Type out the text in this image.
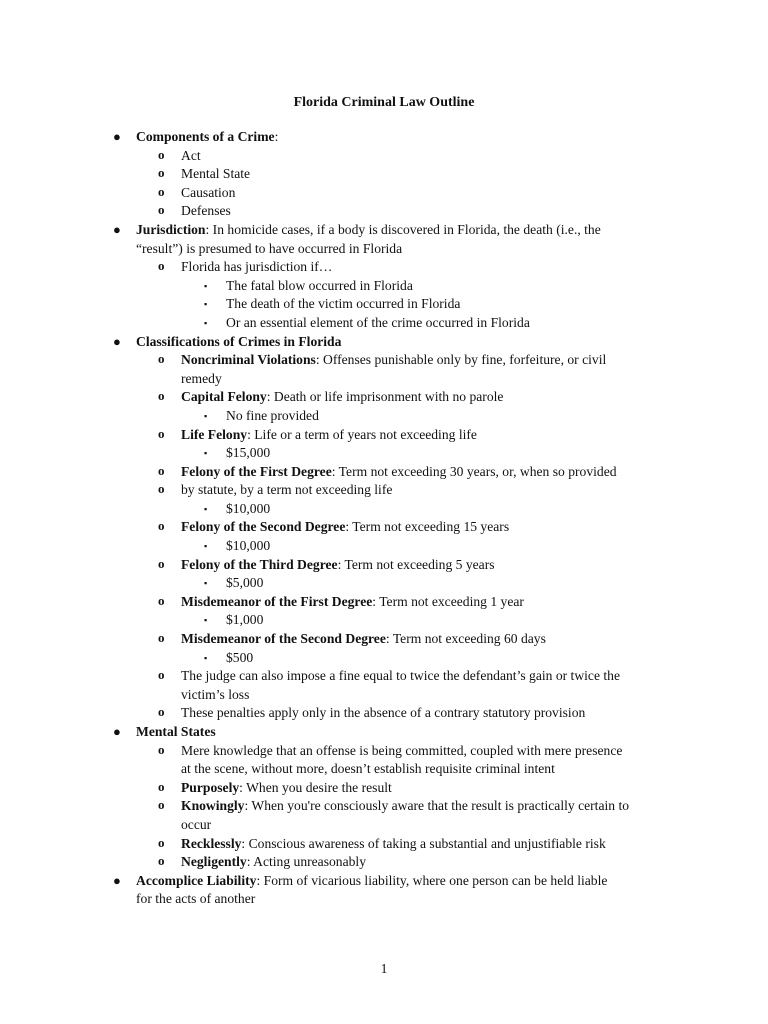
Florida Criminal Law Outline
● Components of a Crime:
o Act
o Mental State
o Causation
o Defenses
● Jurisdiction: In homicide cases, if a body is discovered in Florida, the death (i.e., the
“result”) is presumed to have occurred in Florida
o Florida has jurisdiction if…
▪ The fatal blow occurred in Florida
▪ The death of the victim occurred in Florida
▪ Or an essential element of the crime occurred in Florida
● Classifications of Crimes in Florida
o Noncriminal Violations: Offenses punishable only by fine, forfeiture, or civil
remedy
o Capital Felony: Death or life imprisonment with no parole
▪ No fine provided
o Life Felony: Life or a term of years not exceeding life
▪ $15,000
o Felony of the First Degree: Term not exceeding 30 years, or, when so provided
o by statute, by a term not exceeding life
▪ $10,000
o Felony of the Second Degree: Term not exceeding 15 years
▪ $10,000
o Felony of the Third Degree: Term not exceeding 5 years
▪ $5,000
o Misdemeanor of the First Degree: Term not exceeding 1 year
▪ $1,000
o Misdemeanor of the Second Degree: Term not exceeding 60 days
▪ $500
o The judge can also impose a fine equal to twice the defendant’s gain or twice the
victim’s loss
o These penalties apply only in the absence of a contrary statutory provision
● Mental States
o Mere knowledge that an offense is being committed, coupled with mere presence
at the scene, without more, doesn’t establish requisite criminal intent
o Purposely: When you desire the result
o Knowingly: When you're consciously aware that the result is practically certain to
occur
o Recklessly: Conscious awareness of taking a substantial and unjustifiable risk
o Negligently: Acting unreasonably
● Accomplice Liability: Form of vicarious liability, where one person can be held liable
for the acts of another
1
